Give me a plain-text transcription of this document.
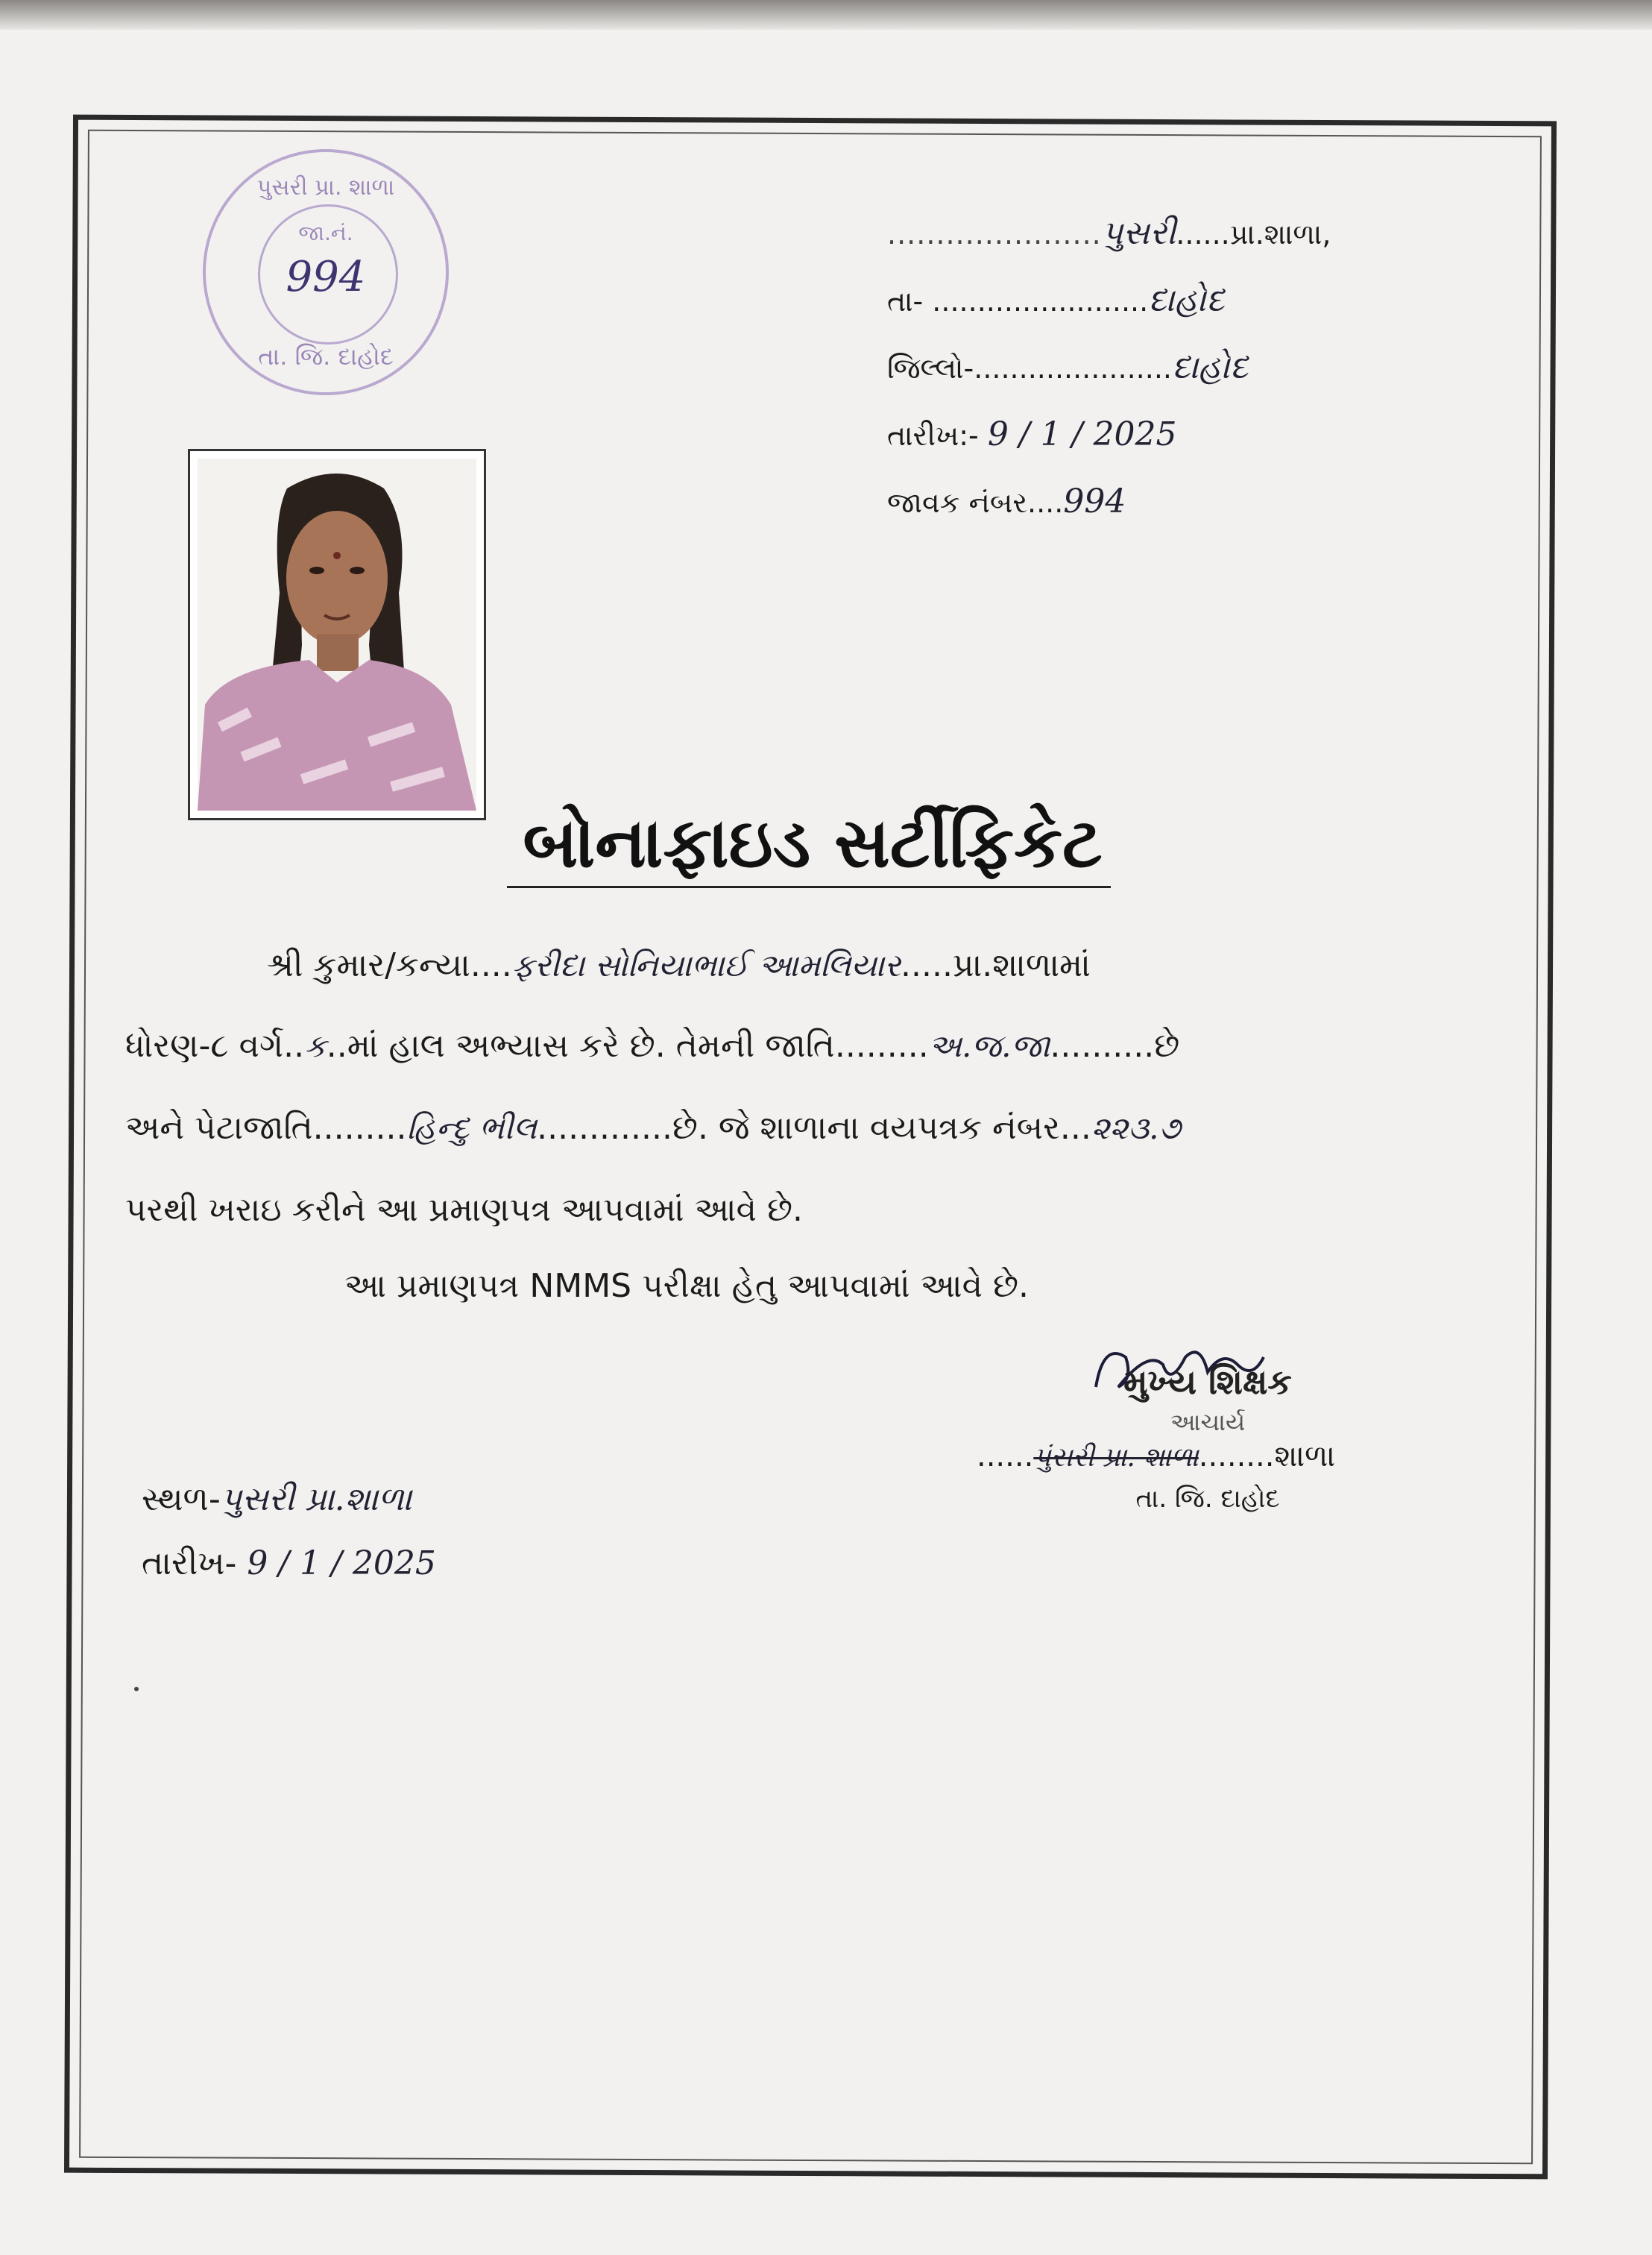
પુસરી પ્રા. શાળા
જા.નં.
994
તા. જિ. દાહોદ
......................પુસરી......પ્રા.શાળા,
તા- ........................દાહોદ
જિલ્લો-......................દાહોદ
તારીખ:- 9 / 1 / 2025
જાવક નંબર....994
બોનાફાઇડ સર્ટીફિકેટ
શ્રી કુમાર/કન્યા....ફરીદા સોનિયાભાઈ આમલિયાર.....પ્રા.શાળામાં
ધોરણ-૮ વર્ગ..ક..માં હાલ અભ્યાસ કરે છે. તેમની જાતિ.........અ.જ.જા..........છે
અને પેટાજાતિ.........હિન્દુ ભીલ.............છે. જે શાળાના વયપત્રક નંબર...૨૨૩.૭
પરથી ખરાઇ કરીને આ પ્રમાણપત્ર આપવામાં આવે છે.
આ પ્રમાણપત્ર NMMS પરીક્ષા હેતુ આપવામાં આવે છે.
મુખ્ય શિક્ષક
આચાર્ય
......પુંસરી પ્રા. શાળા........શાળા
તા. જિ. દાહોદ
સ્થળ-પુસરી પ્રા.શાળા
તારીખ- 9 / 1 / 2025
